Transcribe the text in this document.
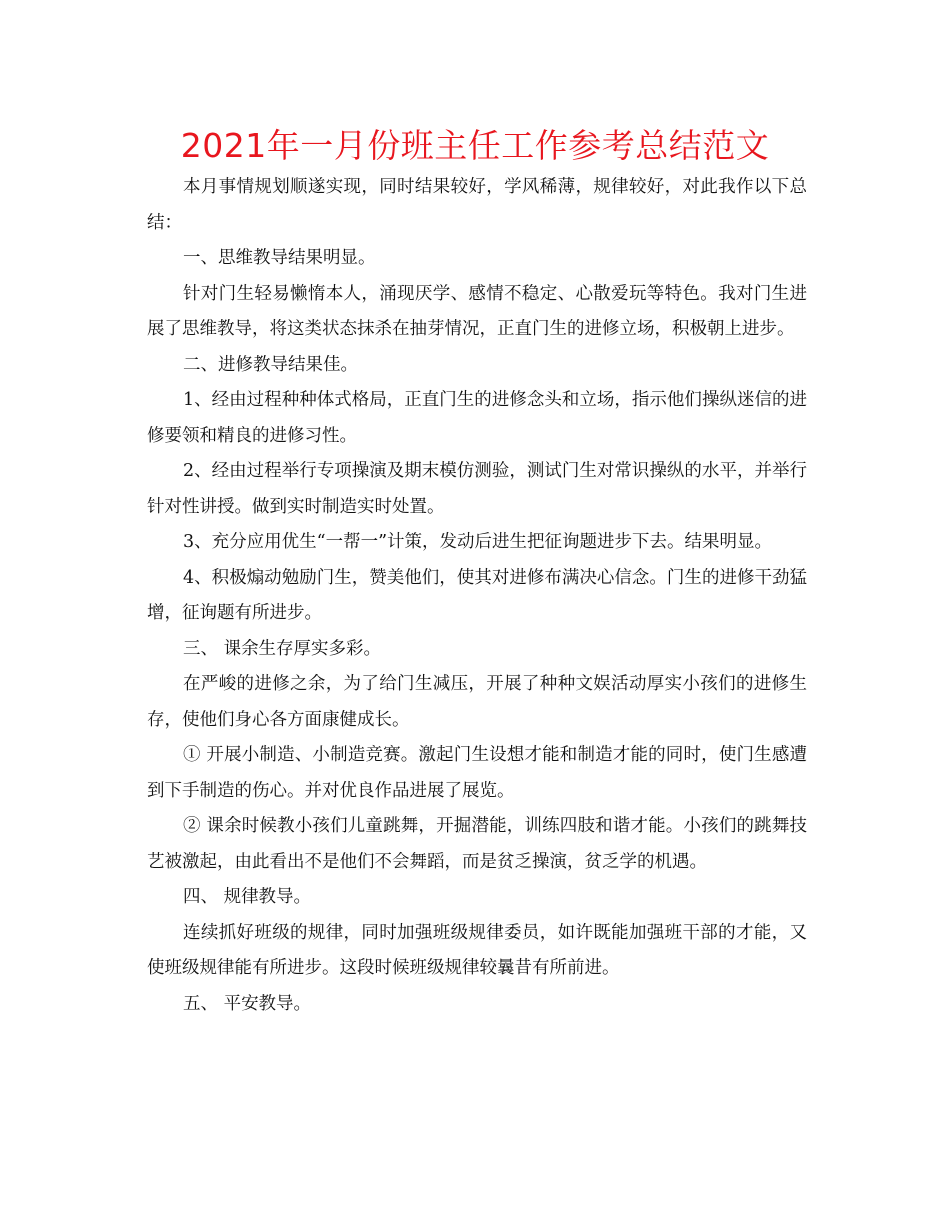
2021年一月份班主任工作参考总结范文

本月事情规划顺遂实现，同时结果较好，学风稀薄，规律较好，对此我作以下总结：

一、思维教导结果明显。

针对门生轻易懒惰本人，涌现厌学、感情不稳定、心散爱玩等特色。我对门生进展了思维教导，将这类状态抹杀在抽芽情况，正直门生的进修立场，积极朝上进步。

二、进修教导结果佳。

1、经由过程种种体式格局，正直门生的进修念头和立场，指示他们操纵迷信的进修要领和精良的进修习性。

2、经由过程举行专项操演及期末模仿测验，测试门生对常识操纵的水平，并举行针对性讲授。做到实时制造实时处置。

3、充分应用优生“一帮一”计策，发动后进生把征询题进步下去。结果明显。

4、积极煽动勉励门生，赞美他们，使其对进修布满决心信念。门生的进修干劲猛增，征询题有所进步。

三、 课余生存厚实多彩。

在严峻的进修之余，为了给门生减压，开展了种种文娱活动厚实小孩们的进修生存，使他们身心各方面康健成长。

① 开展小制造、小制造竞赛。激起门生设想才能和制造才能的同时，使门生感遭到下手制造的伤心。并对优良作品进展了展览。

② 课余时候教小孩们儿童跳舞，开掘潜能，训练四肢和谐才能。小孩们的跳舞技艺被激起，由此看出不是他们不会舞蹈，而是贫乏操演，贫乏学的机遇。

四、 规律教导。

连续抓好班级的规律，同时加强班级规律委员，如许既能加强班干部的才能，又使班级规律能有所进步。这段时候班级规律较曩昔有所前进。

五、 平安教导。
